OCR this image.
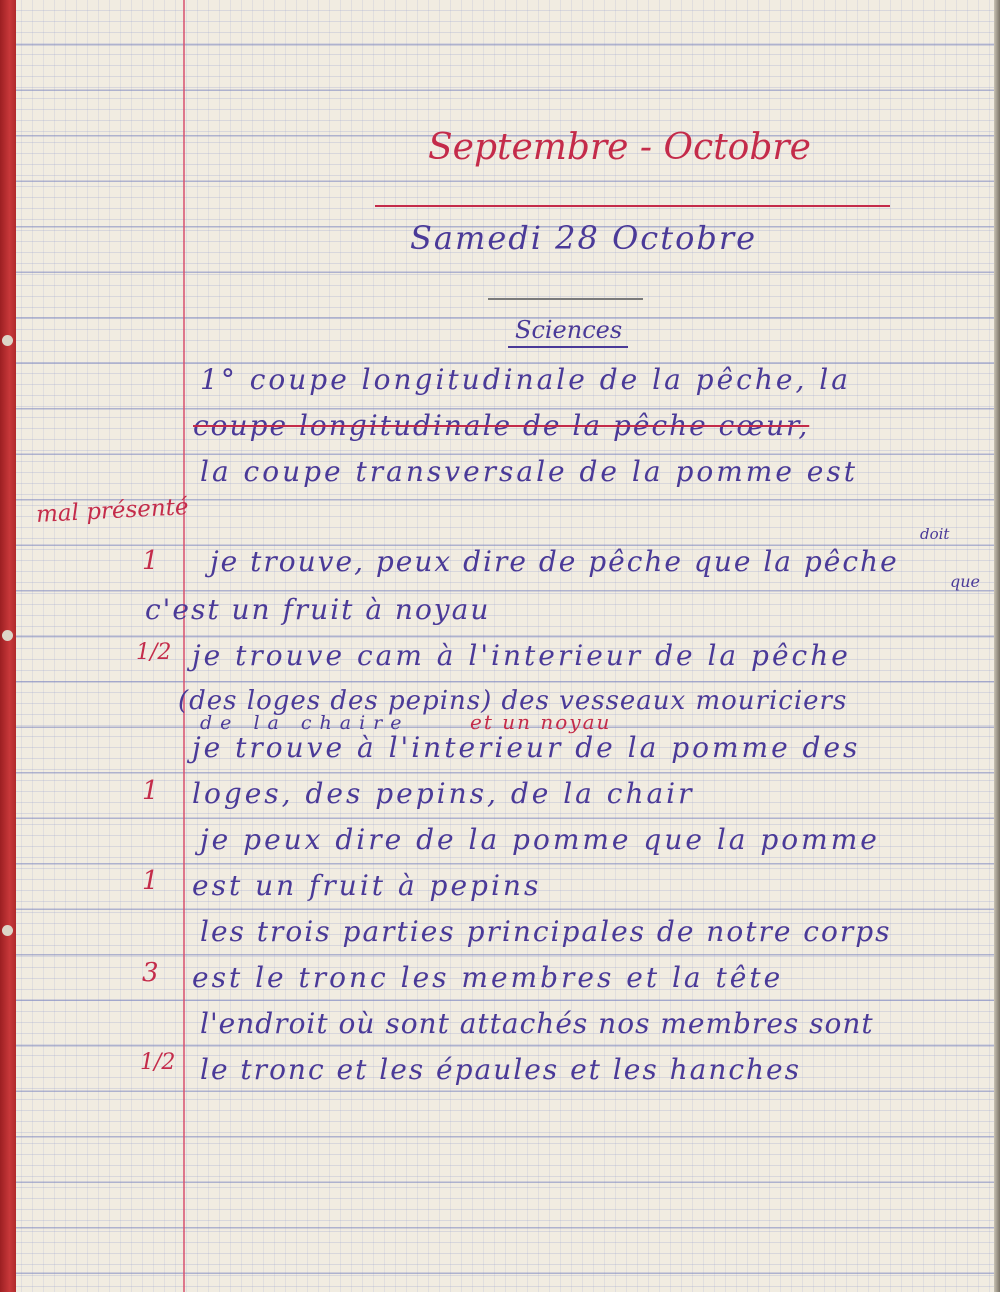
Septembre - Octobre
Samedi 28 Octobre
Sciences
mal présenté
1
1/2
1
1
3
1/2
1° coupe longitudinale de la pêche, la
coupe longitudinale de la pêche cœur,
la coupe transversale de la pomme est
je trouve, peux dire de pêche que la pêche
c'est un fruit à noyau
je trouve cam à l'interieur de la pêche
(des loges des pepins) des vesseaux mouriciers
je trouve à l'interieur de la pomme des
loges, des pepins, de la chair
je peux dire de la pomme que la pomme
est un fruit à pepins
les trois parties principales de notre corps
est le tronc les membres et la tête
l'endroit où sont attachés nos membres sont
le tronc et les épaules et les hanches
doit
que
de la chaire	et un noyau
